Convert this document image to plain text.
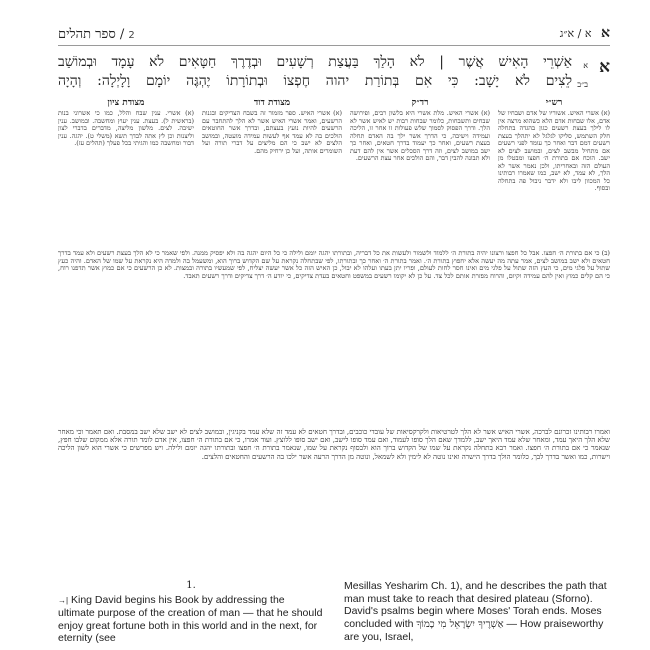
2 / ספר תהלים	א א / א״ג
א
א
ב״ב
אַשְׁרֵי הָאִישׁ אֲשֶׁר | לֹא הָלַךְ בַּעֲצַת רְשָׁעִים וּבְדֶרֶךְ חַטָּאִים לֹא עָמָד וּבְמוֹשַׁב
לֵצִים לֹא יָשָׁב: כִּי אִם בְּתוֹרַת יהוה חֶפְצוֹ וּבְתוֹרָתוֹ יֶהְגֶּה יוֹמָם וָלָיְלָה: וְהָיָה
רש״י
(א) אשרי האיש. אשוריו של אדם ושבחיו של אדם, אלו שבחות אדם הלא כשהוא מרצה אין לו לילך בעצת רשעים כגון בהגדה בתחלה חלק השתמש, סליקו לגלגל לא יתהלך בעצת רשעים דמם דבר ואחר כך עומד לפני רשעים אם מתחיל מבשב לצים, ובמושב לצים לא ישב. הוכח אם בתורת ה׳ חפצו ומבטלו מן העולם הזה ובאחריתו, ולכן נאמר אשר לא הלך, לא עמד, לא ישב, כמו שאמרו רבותינו כל המכוון ליבו ולא ידבר ניבול פה בתחלה ובסוף.
רד״ק
(א) אשרי האיש. מלת אשרי היא בלשון רבים, ופירושה שבחים ותשבחות, כלומר שבחות רבות יש לאיש אשר לא הלך. ודרך הפסוק לסמוך שלש פעולות זו אחר זו, הליכה ועמידה וישיבה, כי הדרך אשר ילך בה האדם תחלה בעצת רשעים, ואחר כך יעמוד בדרך חטאים, ואחר כך ישב במושב לצים, וזה דרך הסכלים אשר אין להם דעת ולא תבונה להבין דבר, והם הולכים אחר עצת הרשעים.
מצודת דוד
(א) אשרי האיש. ספר מזמור זה בשבח הצדיקים ובגנות הרשעים, ואמר אשרי האיש אשר לא הלך להתחבר עם הרשעים להיות נועץ בעצתם, ובדרך אשר החוטאים הולכים בה לא עמד אף לעשות עמידה מועטה, ובמושב הלצים לא ישב כי הם מליצים על דברי תורה ועל השומרים אותה, ועל כן ירחיק מהם.
מצודת ציון
(א) אשרי. ענין שבח והלל, כמו כי אשרוני בנות (בראשית ל). בעצת. ענין יעוץ ומחשבה. ובמושב. ענין ישיבה. לצים. מלשון מליצה, מדברים בדברי לצון וליצנות וכן לץ אתה לבדך תשא (משלי ט). יהגה. ענין דבור ומחשבה כמו והגיתי בכל פעלך (תהלים עז).
(ב) כי אם בתורת ה׳ חפצו. אבל כל חפצו ורצונו יהיה בתורת ה׳ ללמוד ולשמור ולעשות את כל דבריה, ובתורתו יהגה יומם ולילה כי כל היום יהגה בה ולא יפסיק ממנה. ולפי שאמר כי לא הלך בעצת רשעים ולא עמד בדרך חטאים ולא ישב במושב לצים, אמר עתה מה יעשה אלא יחפוץ בתורת ה׳. ואמר בתורת ה׳ ואחר כך ובתורתו, לפי שבתחלה נקראת על שם הקדוש ברוך הוא, ומשעמל בה ולמדה היא נקראת על שמו של האדם. והיה כעץ שתול על פלגי מים, כי העץ הזה שתול על פלגי מים ואינו חסר לחות לעולם, ופריו יתן בעתו ועלהו לא יבול, כן האיש הזה כל אשר יעשה יצליח, לפי שמעשיו בתורה ובמצות. לא כן הרשעים כי אם כמוץ אשר תדפנו רוח, כי הם קלים כמוץ ואין להם עמידה וקיום, והרוח מפזרת אותם לכל צד. על כן לא יקומו רשעים במשפט וחטאים בעדת צדיקים, כי יודע ה׳ דרך צדיקים ודרך רשעים תאבד.
ואמרו רבותינו זכרונם לברכה, אשרי האיש אשר לא הלך לטרטיאות ולקרקסיאות של עובדי כוכבים, ובדרך חטאים לא עמד זה שלא עמד בקניגין, ובמושב לצים לא ישב שלא ישב במסבת. ואם תאמר וכי מאחר שלא הלך היאך עמד, ומאחר שלא עמד היאך ישב, ללמדך שאם הלך סופו לעמוד, ואם עמד סופו לישב, ואם ישב סופו ללוצץ. ועוד אמרו, כי אם בתורת ה׳ חפצו, אין אדם לומד תורה אלא ממקום שלבו חפץ, שנאמר כי אם בתורת ה׳ חפצו. ואמר רבא בתחלה נקראת על שמו של הקדוש ברוך הוא ולבסוף נקראת על שמו, שנאמר בתורת ה׳ חפצו ובתורתו יהגה יומם ולילה. ויש מפרשים כי אשרי הוא לשון הליכה וישרות, כמו ואשר בדרך לבך, כלומר הולך בדרך הישרה ואינו נוטה לא לימין ולא לשמאל, ונוטה מן הדרך הרעה אשר ילכו בה הרשעים והחטאים והלצים.
1.
→| King David begins his Book by addressing the ultimate purpose of the creation of man — that he should enjoy great fortune both in this world and in the next, for eternity (see
Mesillas Yesharim Ch. 1), and he describes the path that man must take to reach that desired plateau (Sforno). David's psalms begin where Moses' Torah ends. Moses concluded with אַשְׁרֶיךָ יִשְׂרָאֵל מִי כָמוֹךָ — How praiseworthy are you, Israel,
